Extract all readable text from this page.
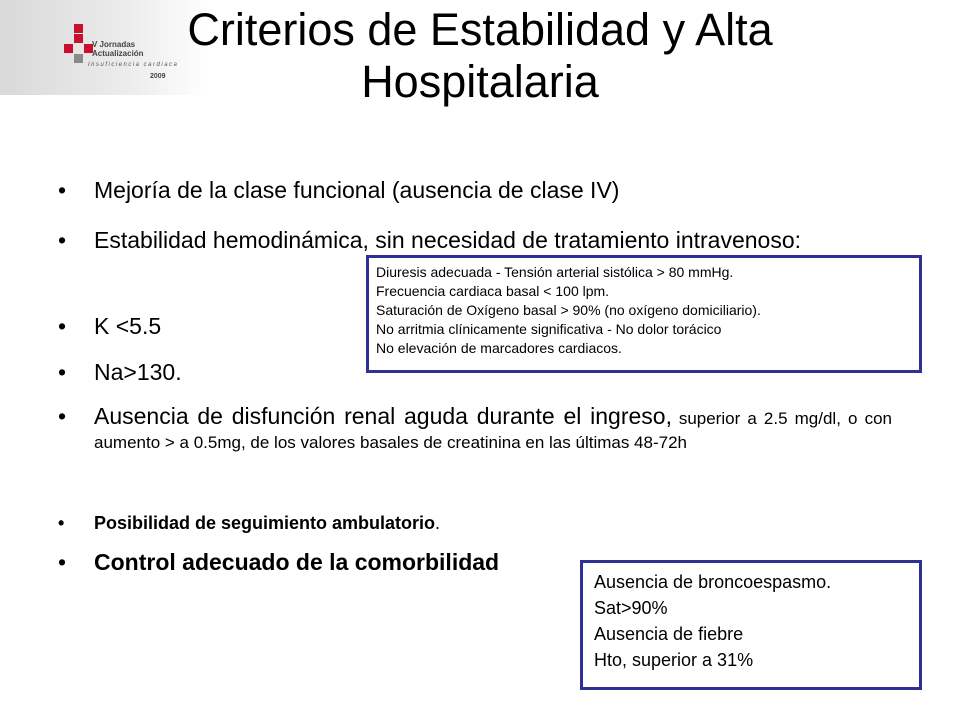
V Jornadas
Actualización
Insuficiencia cardiaca
2009
Criterios de Estabilidad y Alta
Hospitalaria
• Mejoría de la clase funcional (ausencia de clase IV)
• Estabilidad hemodinámica, sin necesidad de tratamiento intravenoso:
• K <5.5
• Na>130.
• Ausencia de disfunción renal aguda durante el ingreso, superior a 2.5 mg/dl, o con aumento > a 0.5mg, de los valores basales de creatinina en las últimas 48-72h
• Posibilidad de seguimiento ambulatorio.
• Control adecuado de la comorbilidad
Diuresis adecuada - Tensión arterial sistólica > 80 mmHg.
Frecuencia cardiaca basal < 100 lpm.
Saturación de Oxígeno basal > 90% (no oxígeno domiciliario).
No arritmia clínicamente significativa - No dolor torácico
No elevación de marcadores cardiacos.
Ausencia de broncoespasmo.
Sat>90%
Ausencia de fiebre
Hto, superior a 31%
